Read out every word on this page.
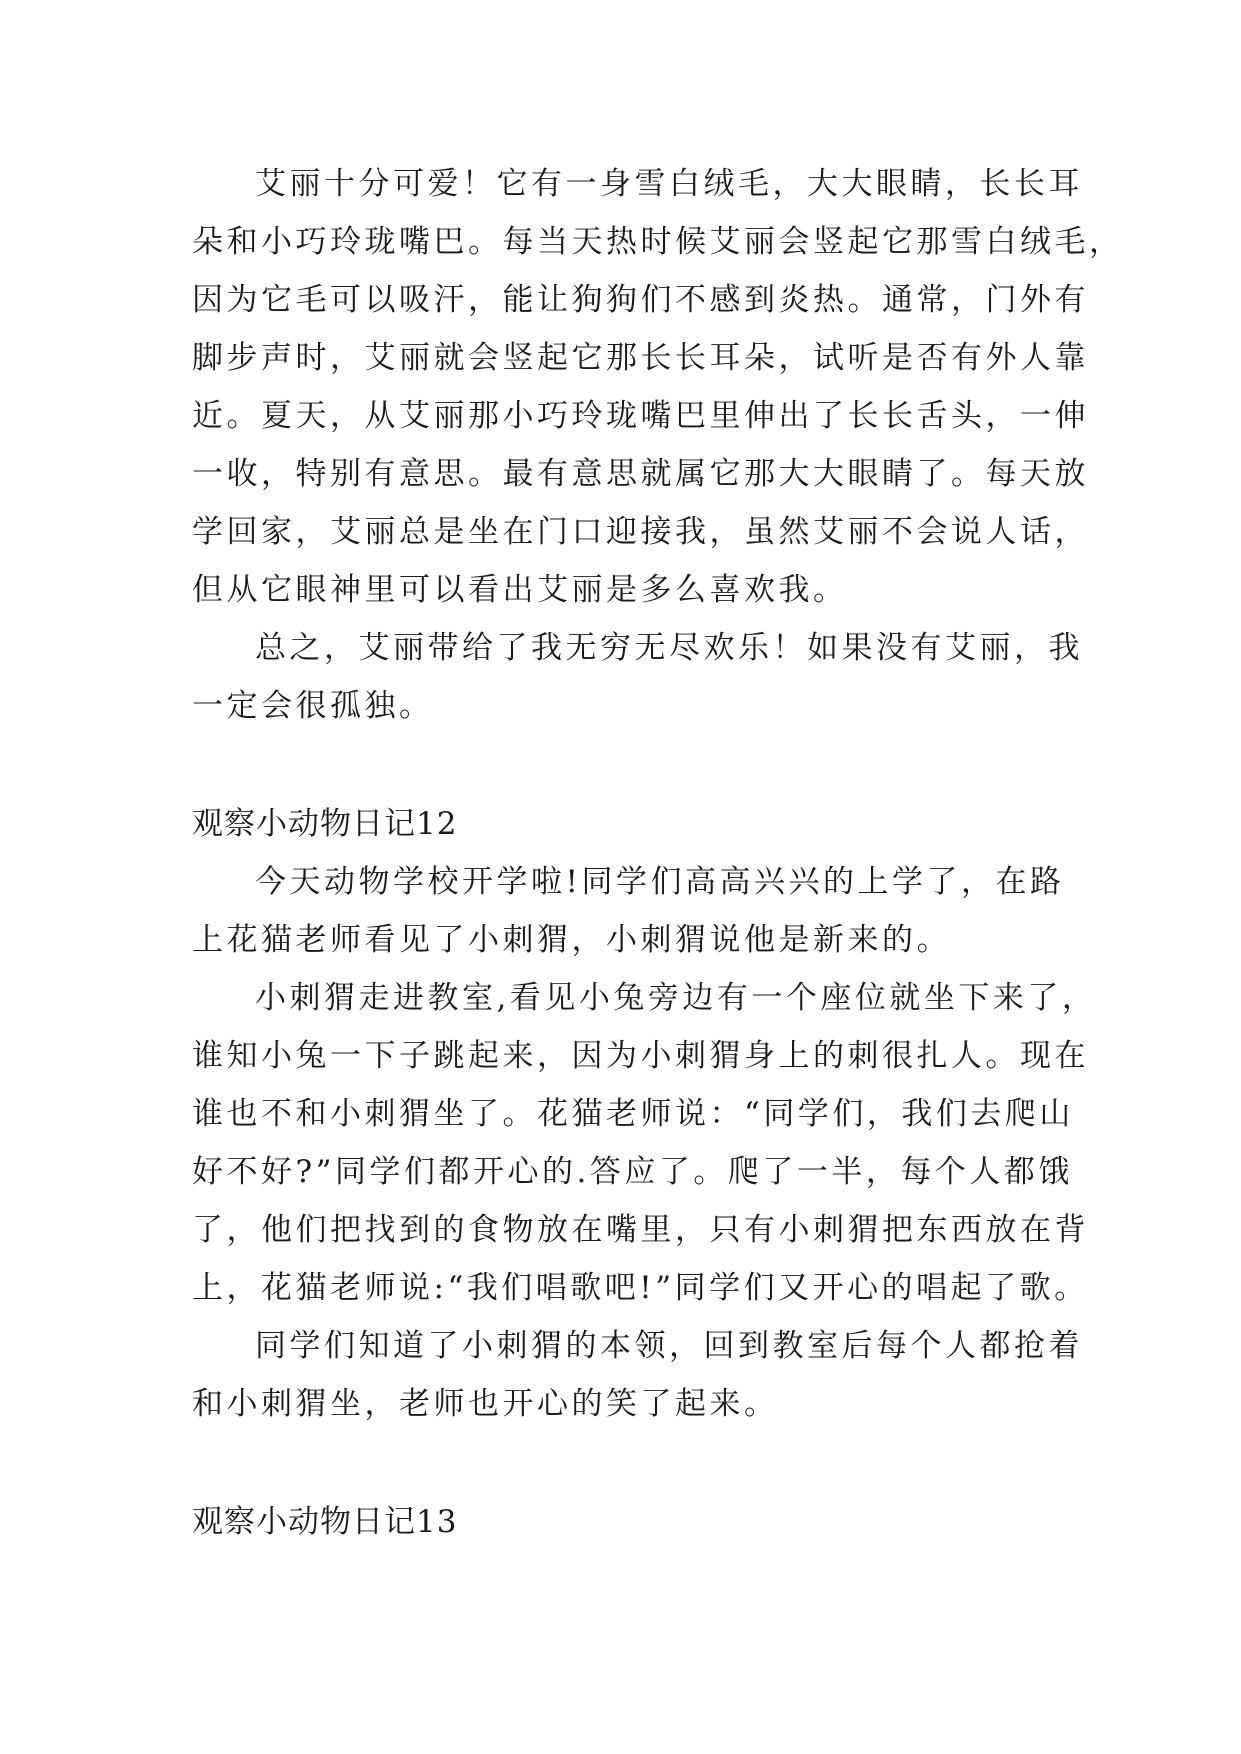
艾丽十分可爱！它有一身雪白绒毛，大大眼睛，长长耳
朵和小巧玲珑嘴巴。每当天热时候艾丽会竖起它那雪白绒毛，
因为它毛可以吸汗，能让狗狗们不感到炎热。通常，门外有
脚步声时，艾丽就会竖起它那长长耳朵，试听是否有外人靠
近。夏天，从艾丽那小巧玲珑嘴巴里伸出了长长舌头，一伸
一收，特别有意思。最有意思就属它那大大眼睛了。每天放
学回家，艾丽总是坐在门口迎接我，虽然艾丽不会说人话，
但从它眼神里可以看出艾丽是多么喜欢我。
总之，艾丽带给了我无穷无尽欢乐！如果没有艾丽，我
一定会很孤独。
观察小动物日记12
今天动物学校开学啦!同学们高高兴兴的上学了，在路
上花猫老师看见了小刺猬，小刺猬说他是新来的。
小刺猬走进教室,看见小兔旁边有一个座位就坐下来了，
谁知小兔一下子跳起来，因为小刺猬身上的刺很扎人。现在
谁也不和小刺猬坐了。花猫老师说：“同学们，我们去爬山
好不好?”同学们都开心的.答应了。爬了一半，每个人都饿
了，他们把找到的食物放在嘴里，只有小刺猬把东西放在背
上，花猫老师说:“我们唱歌吧!”同学们又开心的唱起了歌。
同学们知道了小刺猬的本领，回到教室后每个人都抢着
和小刺猬坐，老师也开心的笑了起来。
观察小动物日记13
